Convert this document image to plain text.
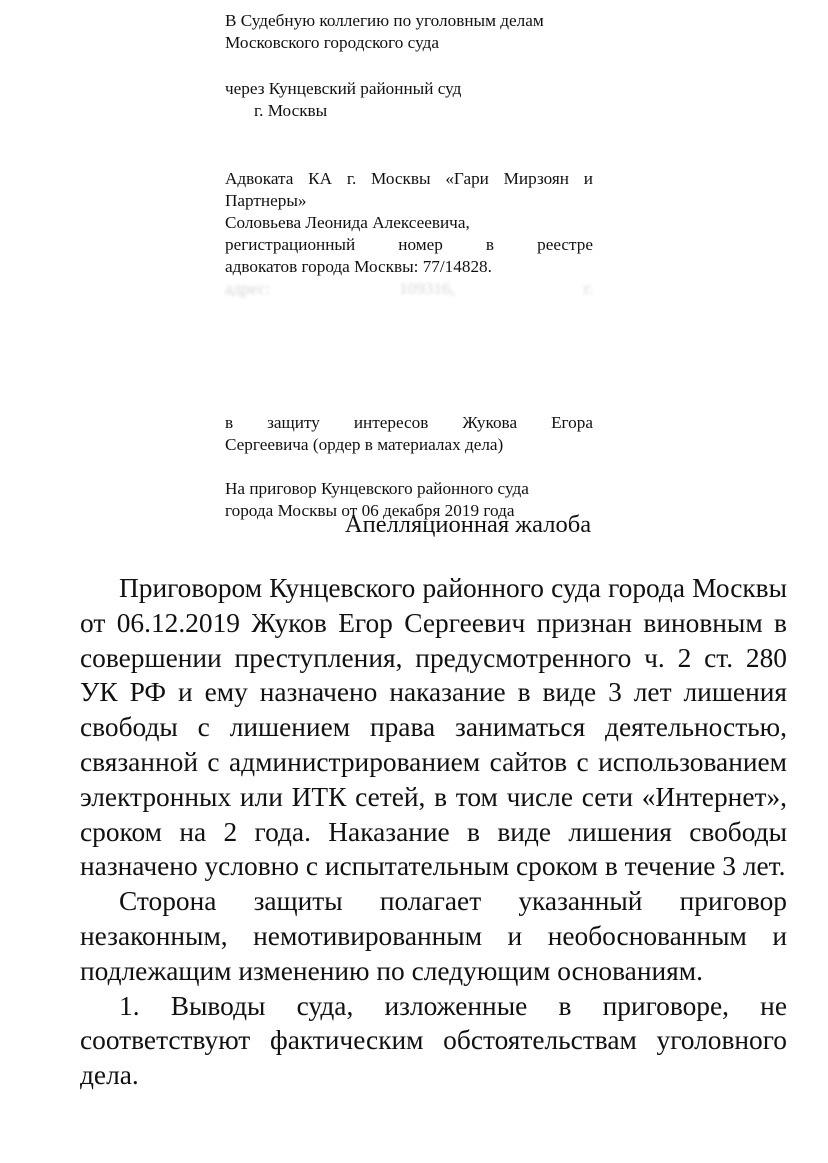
В Судебную коллегию по уголовным делам

Московского городского суда

через Кунцевский районный суд

г. Москвы

Адвоката КА г. Москвы «Гари Мирзоян и

Партнеры»

Соловьева Леонида Алексеевича,

регистрационный номер в реестре

адвокатов города Москвы: 77/14828.

адрес: 109316, г.

в защиту интересов Жукова Егора

Сергеевича (ордер в материалах дела)

На приговор Кунцевского районного суда

города Москвы от 06 декабря 2019 года

Апелляционная жалоба

Приговором Кунцевского районного суда города Москвы от 06.12.2019 Жуков Егор Сергеевич признан виновным в совершении преступления, предусмотренного ч. 2 ст. 280 УК РФ и ему назначено наказание в виде 3 лет лишения свободы с лишением права заниматься деятельностью, связанной с администрированием сайтов с использованием электронных или ИТК сетей, в том числе сети «Интернет», сроком на 2 года. Наказание в виде лишения свободы назначено условно с испытательным сроком в течение 3 лет.

Сторона защиты полагает указанный приговор незаконным, немотивированным и необоснованным и подлежащим изменению по следующим основаниям.

1. Выводы суда, изложенные в приговоре, не соответствуют фактическим обстоятельствам уголовного дела.
